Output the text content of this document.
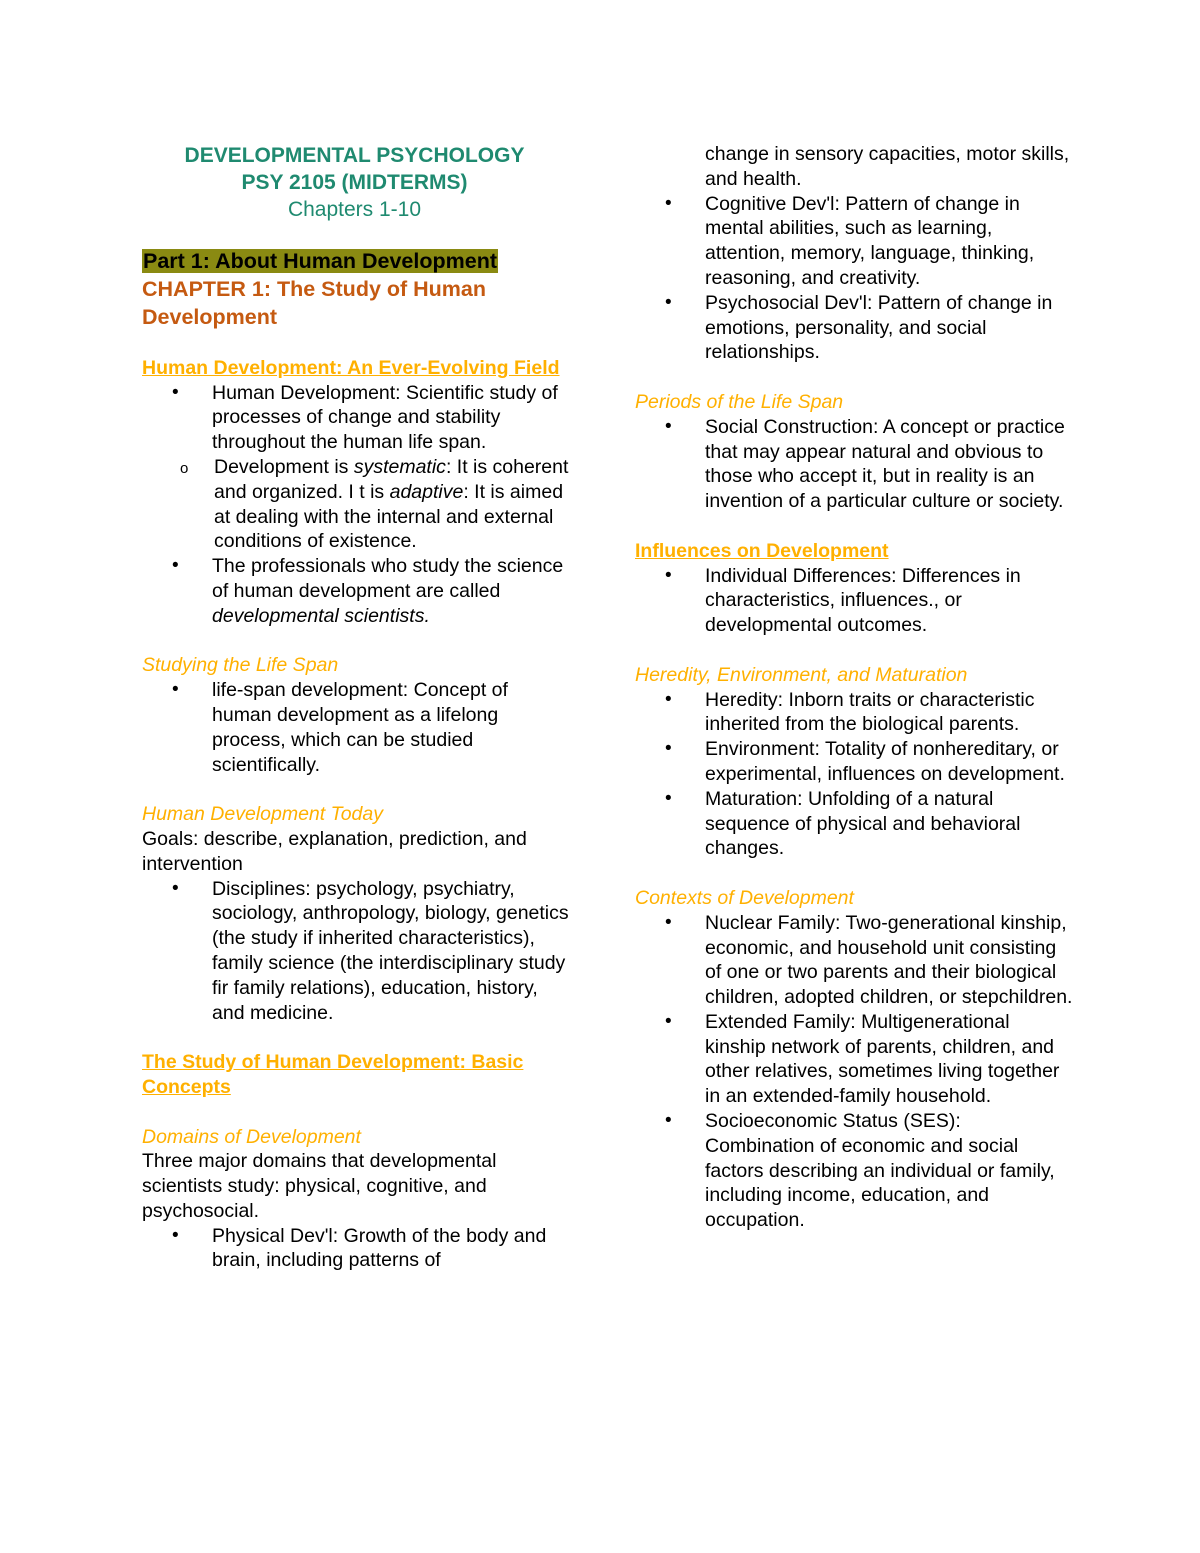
DEVELOPMENTAL PSYCHOLOGY
PSY 2105 (MIDTERMS)
Chapters 1-10
Part 1: About Human Development
CHAPTER 1: The Study of Human Development
Human Development: An Ever-Evolving Field
• Human Development: Scientific study of processes of change and stability throughout the human life span.
o Development is systematic: It is coherent and organized. I t is adaptive: It is aimed at dealing with the internal and external conditions of existence.
• The professionals who study the science of human development are called developmental scientists.
Studying the Life Span
• life-span development: Concept of human development as a lifelong process, which can be studied scientifically.
Human Development Today

Goals: describe, explanation, prediction, and intervention

• Disciplines: psychology, psychiatry, sociology, anthropology, biology, genetics (the study if inherited characteristics), family science (the interdisciplinary study fir family relations), education, history, and medicine.
The Study of Human Development: Basic Concepts
Domains of Development

Three major domains that developmental scientists study: physical, cognitive, and psychosocial.

• Physical Dev'l: Growth of the body and brain, including patterns of
change in sensory capacities, motor skills, and health.
• Cognitive Dev'l: Pattern of change in mental abilities, such as learning, attention, memory, language, thinking, reasoning, and creativity.
• Psychosocial Dev'l: Pattern of change in emotions, personality, and social relationships.
Periods of the Life Span
• Social Construction: A concept or practice that may appear natural and obvious to those who accept it, but in reality is an invention of a particular culture or society.
Influences on Development
• Individual Differences: Differences in characteristics, influences., or developmental outcomes.
Heredity, Environment, and Maturation
• Heredity: Inborn traits or characteristic inherited from the biological parents.
• Environment: Totality of nonhereditary, or experimental, influences on development.
• Maturation: Unfolding of a natural sequence of physical and behavioral changes.
Contexts of Development
• Nuclear Family: Two-generational kinship, economic, and household unit consisting of one or two parents and their biological children, adopted children, or stepchildren.
• Extended Family: Multigenerational kinship network of parents, children, and other relatives, sometimes living together in an extended-family household.
• Socioeconomic Status (SES): Combination of economic and social factors describing an individual or family, including income, education, and occupation.
